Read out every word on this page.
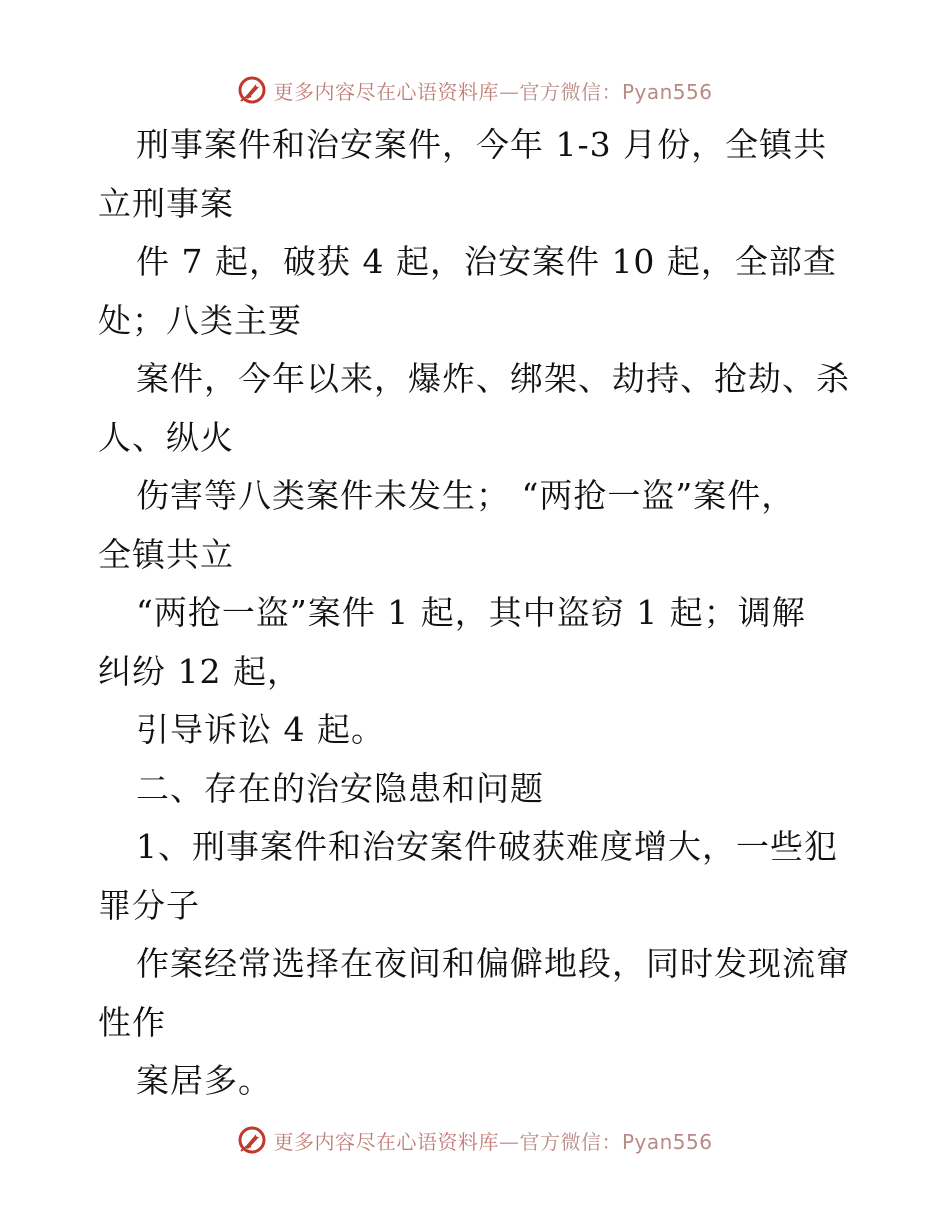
更多内容尽在心语资料库—官方微信：Pyan556
刑事案件和治安案件，今年 1-3 月份，全镇共
立刑事案
件 7 起，破获 4 起，治安案件 10 起，全部查
处；八类主要
案件，今年以来，爆炸、绑架、劫持、抢劫、杀
人、纵火
伤害等八类案件未发生； “两抢一盗”案件，
全镇共立
“两抢一盗”案件 1 起，其中盗窃 1 起；调解
纠纷 12 起，
引导诉讼 4 起。
二、存在的治安隐患和问题
1、刑事案件和治安案件破获难度增大，一些犯
罪分子
作案经常选择在夜间和偏僻地段，同时发现流窜
性作
案居多。
更多内容尽在心语资料库—官方微信：Pyan556
